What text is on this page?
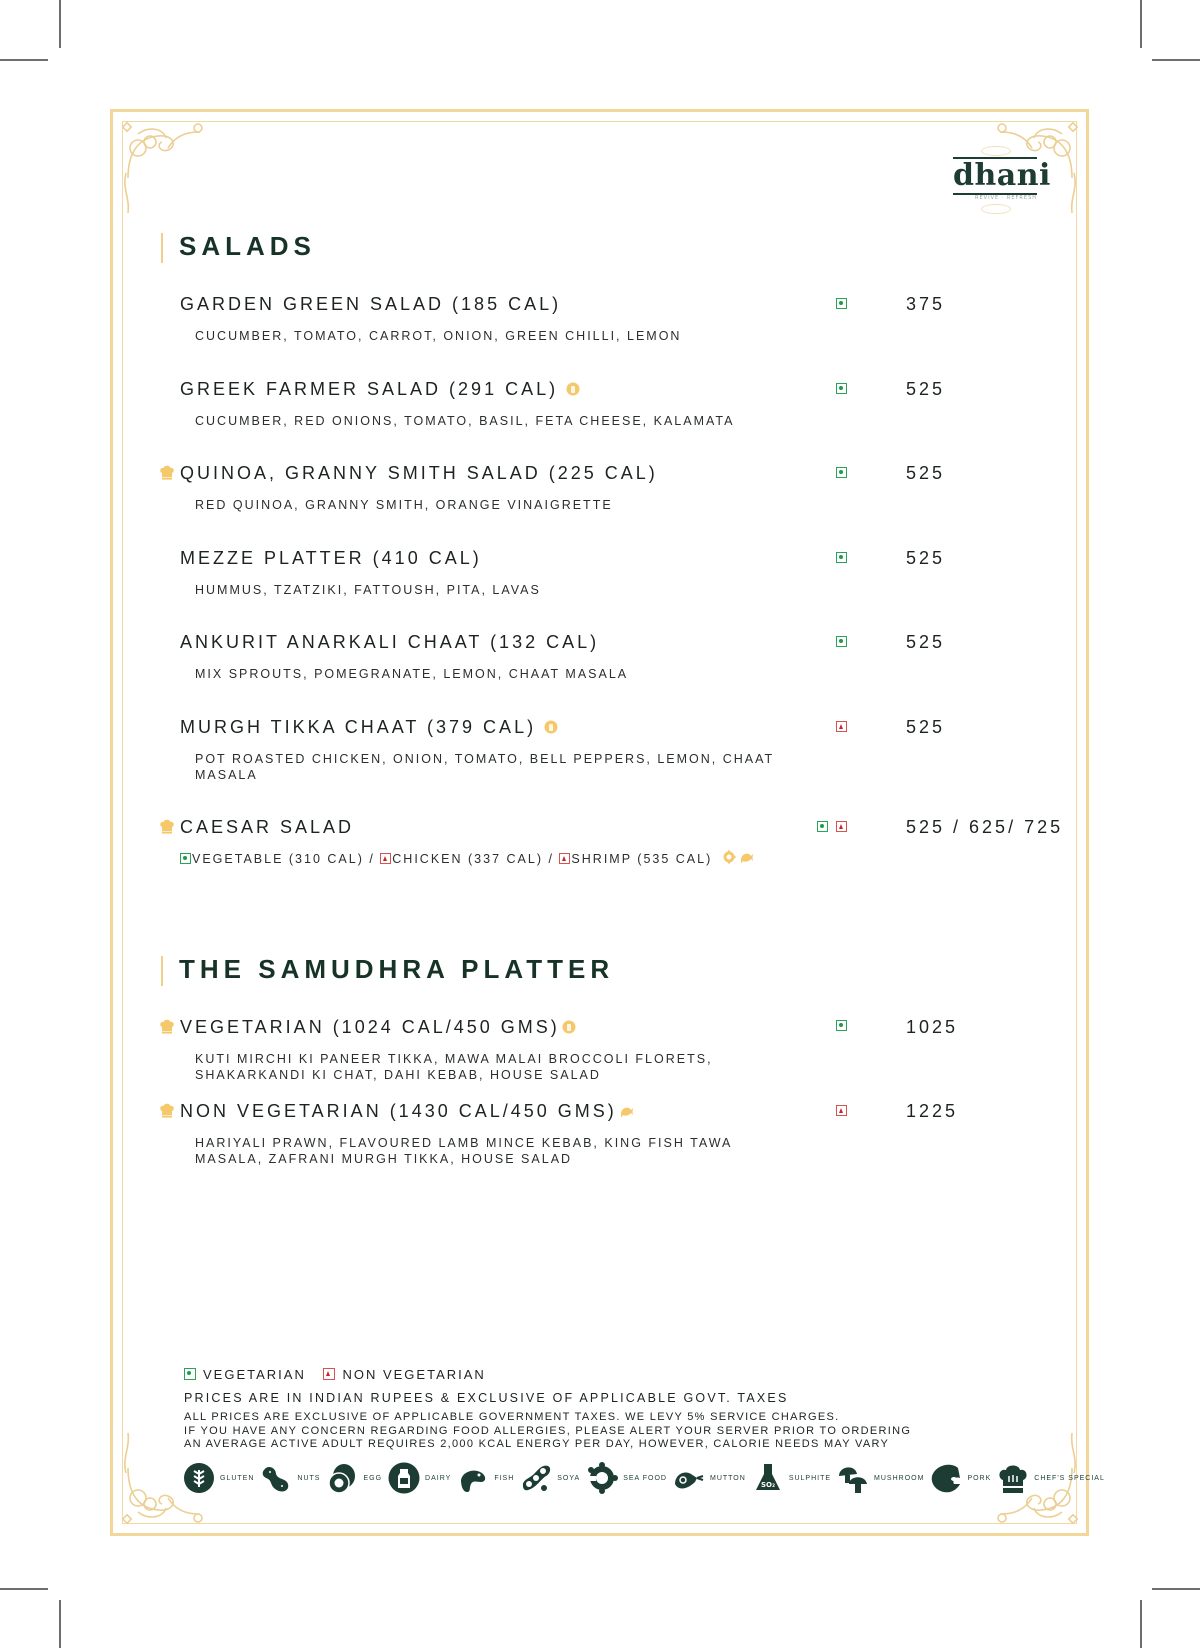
dhani
REVIVE · REFRESH
SALADS
GARDEN GREEN SALAD (185 CAL)
CUCUMBER, TOMATO, CARROT, ONION, GREEN CHILLI, LEMON
375
GREEK FARMER SALAD (291 CAL)
CUCUMBER, RED ONIONS, TOMATO, BASIL, FETA CHEESE, KALAMATA
525
QUINOA, GRANNY SMITH SALAD (225 CAL)
RED QUINOA, GRANNY SMITH, ORANGE VINAIGRETTE
525
MEZZE PLATTER (410 CAL)
HUMMUS, TZATZIKI, FATTOUSH, PITA, LAVAS
525
ANKURIT ANARKALI CHAAT (132 CAL)
MIX SPROUTS, POMEGRANATE, LEMON, CHAAT MASALA
525
MURGH TIKKA CHAAT (379 CAL)
POT ROASTED CHICKEN, ONION, TOMATO, BELL PEPPERS, LEMON, CHAAT MASALA
525
CAESAR SALAD
VEGETABLE (310 CAL) / CHICKEN (337 CAL) / SHRIMP (535 CAL)
525 / 625/ 725
THE SAMUDHRA PLATTER
VEGETARIAN (1024 CAL/450 GMS)
KUTI MIRCHI KI PANEER TIKKA, MAWA MALAI BROCCOLI FLORETS, SHAKARKANDI KI CHAT, DAHI KEBAB, HOUSE SALAD
1025
NON VEGETARIAN (1430 CAL/450 GMS)
HARIYALI PRAWN, FLAVOURED LAMB MINCE KEBAB, KING FISH TAWA MASALA, ZAFRANI MURGH TIKKA, HOUSE SALAD
1225
VEGETARIAN	NON VEGETARIAN
PRICES ARE IN INDIAN RUPEES & EXCLUSIVE OF APPLICABLE GOVT. TAXES
ALL PRICES ARE EXCLUSIVE OF APPLICABLE GOVERNMENT TAXES. WE LEVY 5% SERVICE CHARGES.
IF YOU HAVE ANY CONCERN REGARDING FOOD ALLERGIES, PLEASE ALERT YOUR SERVER PRIOR TO ORDERING
AN AVERAGE ACTIVE ADULT REQUIRES 2,000 KCAL ENERGY PER DAY, HOWEVER, CALORIE NEEDS MAY VARY
GLUTEN	NUTS	EGG	DAIRY	FISH	SOYA	SEA FOOD	MUTTON
SO₂
SULPHITE	MUSHROOM	PORK	CHEF'S SPECIAL
